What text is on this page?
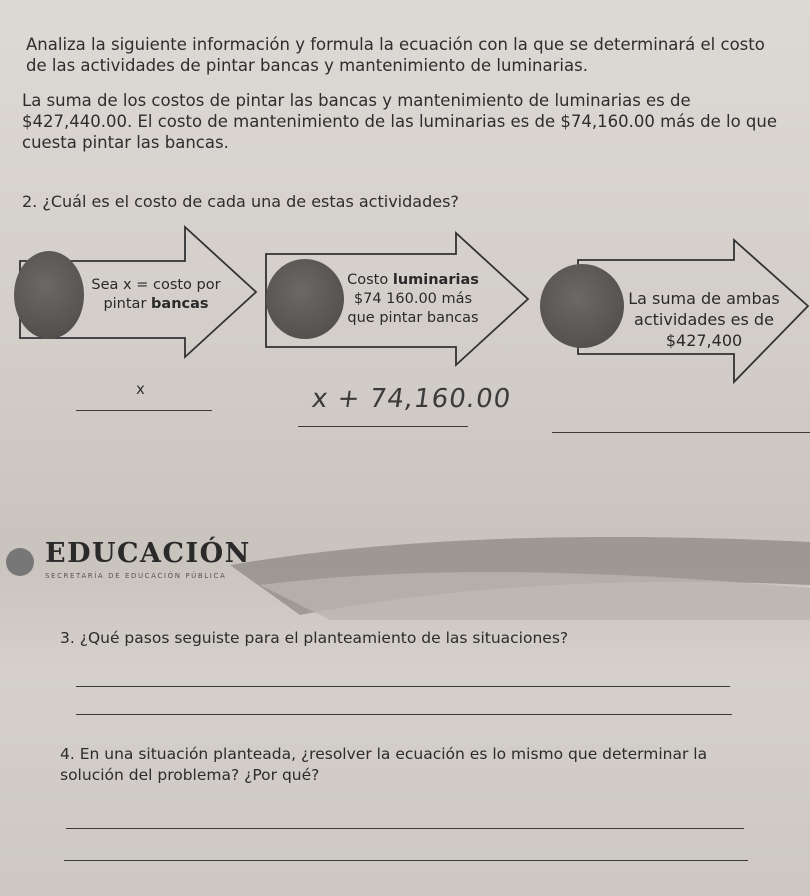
Analiza la siguiente información y formula la ecuación con la que se determinará el costo de las actividades de pintar bancas y mantenimiento de luminarias.
La suma de los costos de pintar las bancas y mantenimiento de luminarias es de $427,440.00. El costo de mantenimiento de las luminarias es de $74,160.00 más de lo que cuesta pintar las bancas.
2. ¿Cuál es el costo de cada una de estas actividades?
Sea x = costo por
pintar bancas
Costo luminarias
$74 160.00 más
que pintar bancas
La suma de ambas
actividades es de
$427,400
x	x + 74,160.00
EDUCACIÓN
SECRETARÍA DE EDUCACIÓN PÚBLICA
3. ¿Qué pasos seguiste para el planteamiento de las situaciones?
4. En una situación planteada, ¿resolver la ecuación es lo mismo que determinar la solución del problema? ¿Por qué?
